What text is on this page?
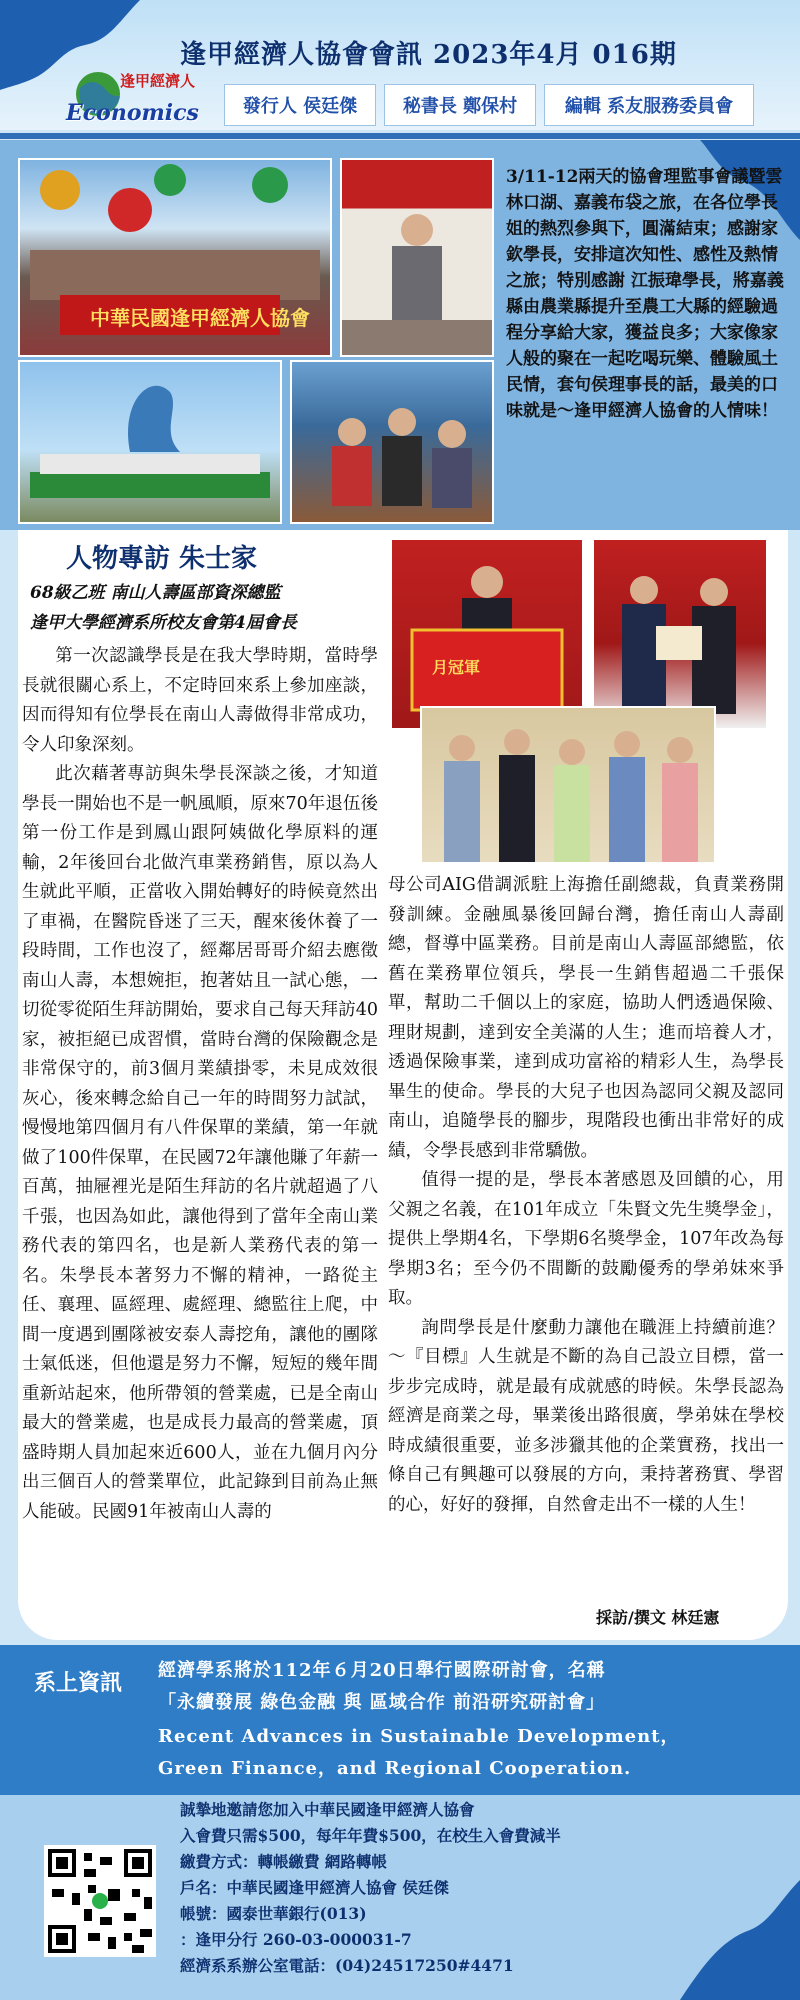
逢甲經濟人協會會訊 2023年4月 016期
發行人 侯廷傑	秘書長 鄭保村	編輯 系友服務委員會
逢甲經濟人
Economics
中華民國逢甲經濟人協會
3/11-12兩天的協會理監事會議暨雲林口湖、嘉義布袋之旅，在各位學長姐的熱烈參與下，圓滿結束；感謝家欽學長，安排這次知性、感性及熱情之旅；特別感謝 江振瑋學長，將嘉義縣由農業縣提升至農工大縣的經驗過程分享給大家，獲益良多；大家像家人般的聚在一起吃喝玩樂、體驗風土民情，套句侯理事長的話，最美的口味就是～逢甲經濟人協會的人情味！
人物專訪 朱士家
68級乙班 南山人壽區部資深總監
逢甲大學經濟系所校友會第4屆會長
月冠軍

第一次認識學長是在我大學時期，當時學長就很關心系上，不定時回來系上參加座談，因而得知有位學長在南山人壽做得非常成功，令人印象深刻。

此次藉著專訪與朱學長深談之後，才知道學長一開始也不是一帆風順，原來70年退伍後第一份工作是到鳳山跟阿姨做化學原料的運輸，2年後回台北做汽車業務銷售，原以為人生就此平順，正當收入開始轉好的時候竟然出了車禍，在醫院昏迷了三天，醒來後休養了一段時間，工作也沒了，經鄰居哥哥介紹去應徵南山人壽，本想婉拒，抱著姑且一試心態，一切從零從陌生拜訪開始，要求自己每天拜訪40家，被拒絕已成習慣，當時台灣的保險觀念是非常保守的，前3個月業績掛零，未見成效很灰心，後來轉念給自己一年的時間努力試試，慢慢地第四個月有八件保單的業績，第一年就做了100件保單，在民國72年讓他賺了年薪一百萬，抽屜裡光是陌生拜訪的名片就超過了八千張，也因為如此，讓他得到了當年全南山業務代表的第四名，也是新人業務代表的第一名。朱學長本著努力不懈的精神，一路從主任、襄理、區經理、處經理、總監往上爬，中間一度遇到團隊被安泰人壽挖角，讓他的團隊士氣低迷，但他還是努力不懈，短短的幾年間重新站起來，他所帶領的營業處，已是全南山最大的營業處，也是成長力最高的營業處，頂盛時期人員加起來近600人，並在九個月內分出三個百人的營業單位，此記錄到目前為止無人能破。民國91年被南山人壽的

母公司AIG借調派駐上海擔任副總裁，負責業務開發訓練。金融風暴後回歸台灣，擔任南山人壽副總，督導中區業務。目前是南山人壽區部總監，依舊在業務單位領兵，學長一生銷售超過二千張保單，幫助二千個以上的家庭，協助人們透過保險、理財規劃，達到安全美滿的人生；進而培養人才，透過保險事業，達到成功富裕的精彩人生，為學長畢生的使命。學長的大兒子也因為認同父親及認同南山，追隨學長的腳步，現階段也衝出非常好的成績，令學長感到非常驕傲。

值得一提的是，學長本著感恩及回饋的心，用父親之名義，在101年成立「朱賢文先生獎學金」，提供上學期4名，下學期6名獎學金，107年改為每學期3名；至今仍不間斷的鼓勵優秀的學弟妹來爭取。

詢問學長是什麼動力讓他在職涯上持續前進？～『目標』人生就是不斷的為自己設立目標，當一步步完成時，就是最有成就感的時候。朱學長認為經濟是商業之母，畢業後出路很廣，學弟妹在學校時成績很重要，並多涉獵其他的企業實務，找出一條自己有興趣可以發展的方向，秉持著務實、學習的心，好好的發揮，自然會走出不一樣的人生！

採訪/撰文 林廷憲
系上資訊 經濟學系將於112年６月20日舉行國際研討會，名稱
「永續發展 綠色金融 與 區域合作 前沿研究研討會」
Recent Advances in Sustainable Development，
Green Finance，and Regional Cooperation.
誠摯地邀請您加入中華民國逢甲經濟人協會
入會費只需$500，每年年費$500，在校生入會費減半
繳費方式：轉帳繳費 網路轉帳
戶名：中華民國逢甲經濟人協會 侯廷傑
帳號：國泰世華銀行(013)
：逢甲分行 260-03-000031-7
經濟系系辦公室電話：(04)24517250#4471
